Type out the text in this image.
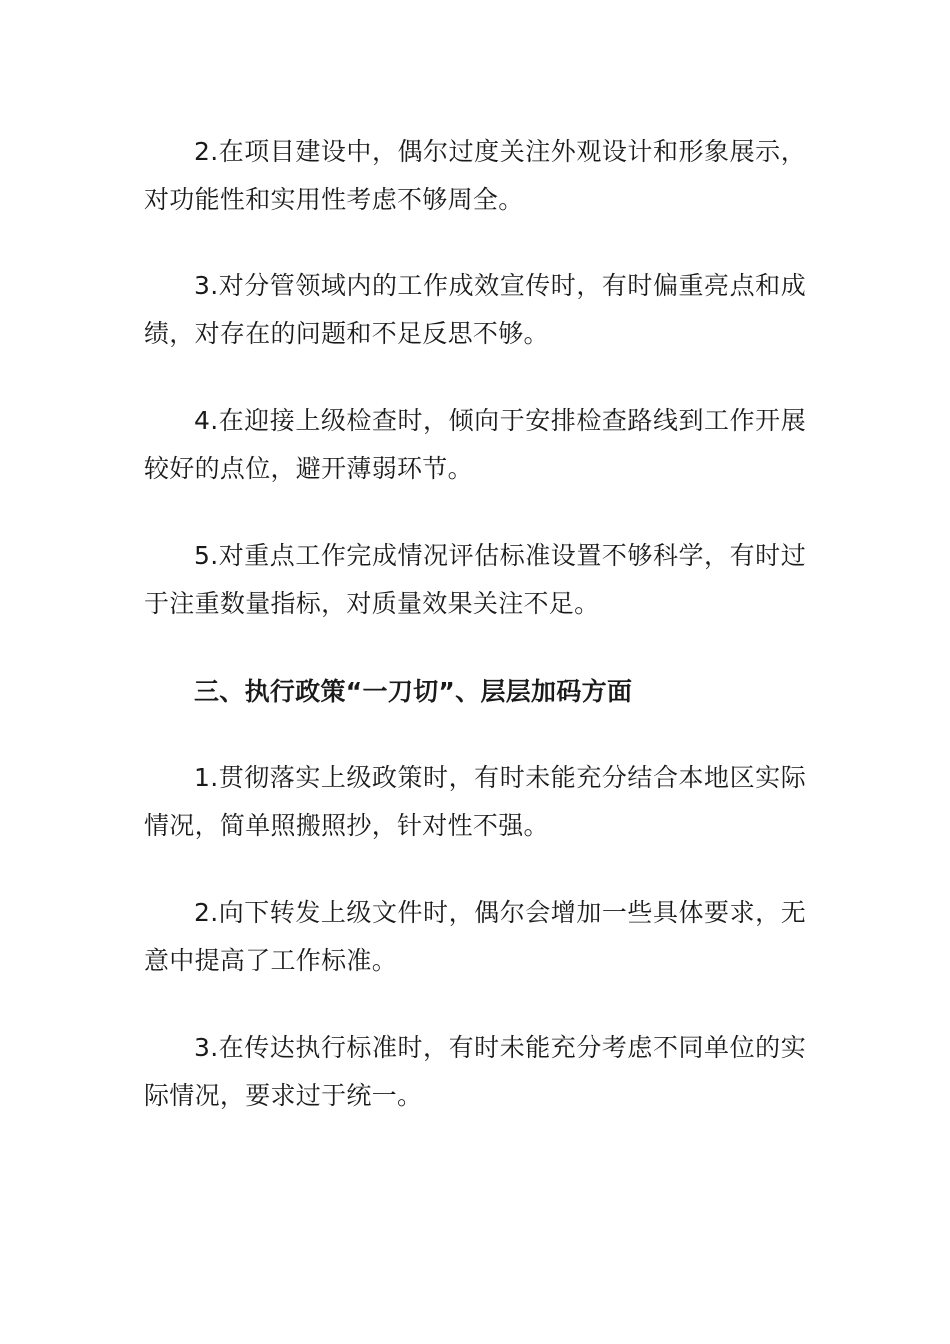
2.在项目建设中，偶尔过度关注外观设计和形象展示，对功能性和实用性考虑不够周全。

3.对分管领域内的工作成效宣传时，有时偏重亮点和成绩，对存在的问题和不足反思不够。

4.在迎接上级检查时，倾向于安排检查路线到工作开展较好的点位，避开薄弱环节。

5.对重点工作完成情况评估标准设置不够科学，有时过于注重数量指标，对质量效果关注不足。

三、执行政策“一刀切”、层层加码方面

1.贯彻落实上级政策时，有时未能充分结合本地区实际情况，简单照搬照抄，针对性不强。

2.向下转发上级文件时，偶尔会增加一些具体要求，无意中提高了工作标准。

3.在传达执行标准时，有时未能充分考虑不同单位的实际情况，要求过于统一。
